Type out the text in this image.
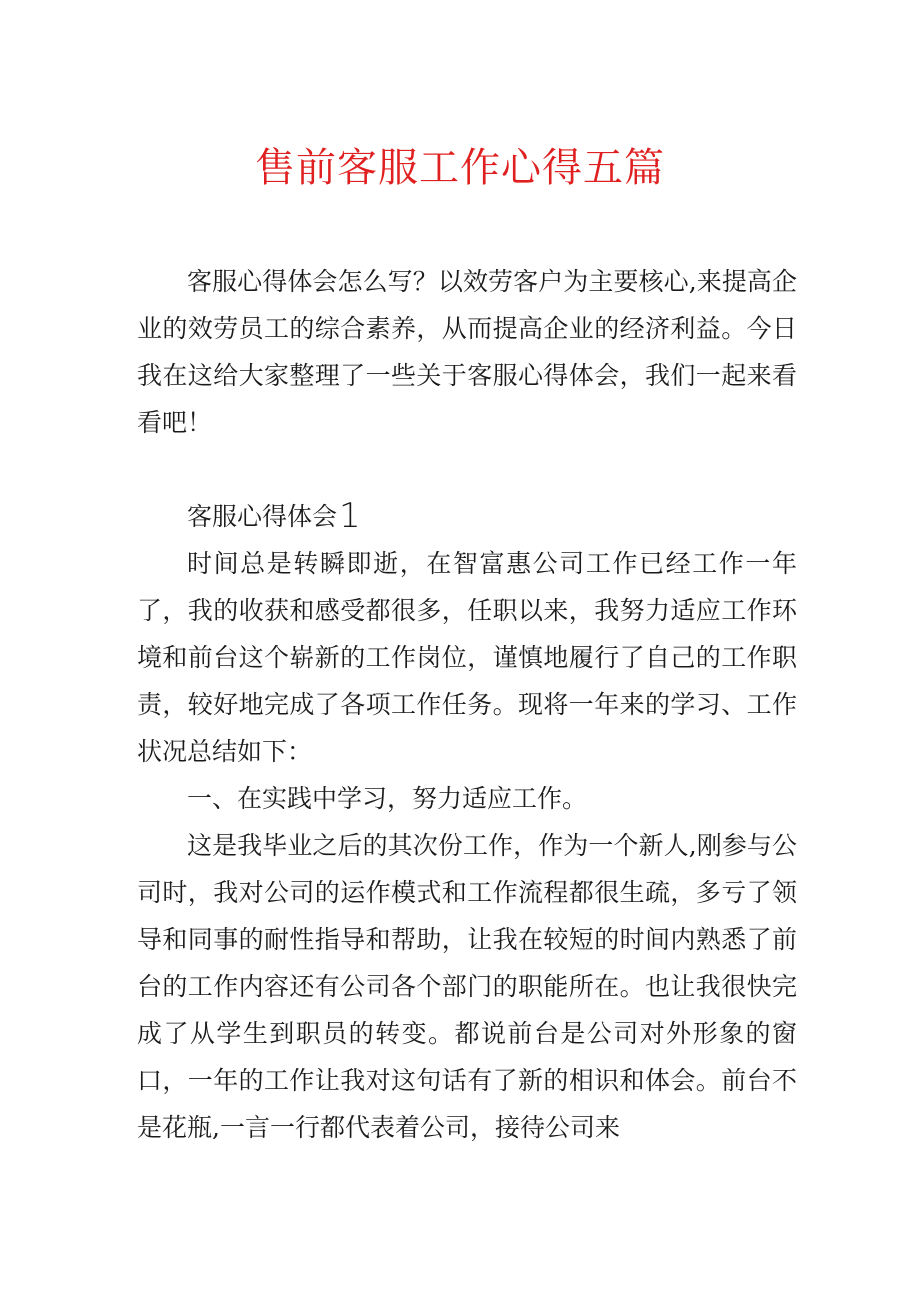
售前客服工作心得五篇

客服心得体会怎么写？以效劳客户为主要核心,来提高企业的效劳员工的综合素养，从而提高企业的经济利益。今日我在这给大家整理了一些关于客服心得体会，我们一起来看看吧！

客服心得体会1

时间总是转瞬即逝，在智富惠公司工作已经工作一年了，我的收获和感受都很多，任职以来，我努力适应工作环境和前台这个崭新的工作岗位，谨慎地履行了自己的工作职责，较好地完成了各项工作任务。现将一年来的学习、工作状况总结如下：

一、在实践中学习，努力适应工作。

这是我毕业之后的其次份工作，作为一个新人,刚参与公司时，我对公司的运作模式和工作流程都很生疏，多亏了领导和同事的耐性指导和帮助，让我在较短的时间内熟悉了前台的工作内容还有公司各个部门的职能所在。也让我很快完成了从学生到职员的转变。都说前台是公司对外形象的窗口，一年的工作让我对这句话有了新的相识和体会。前台不是花瓶,一言一行都代表着公司，接待公司来
